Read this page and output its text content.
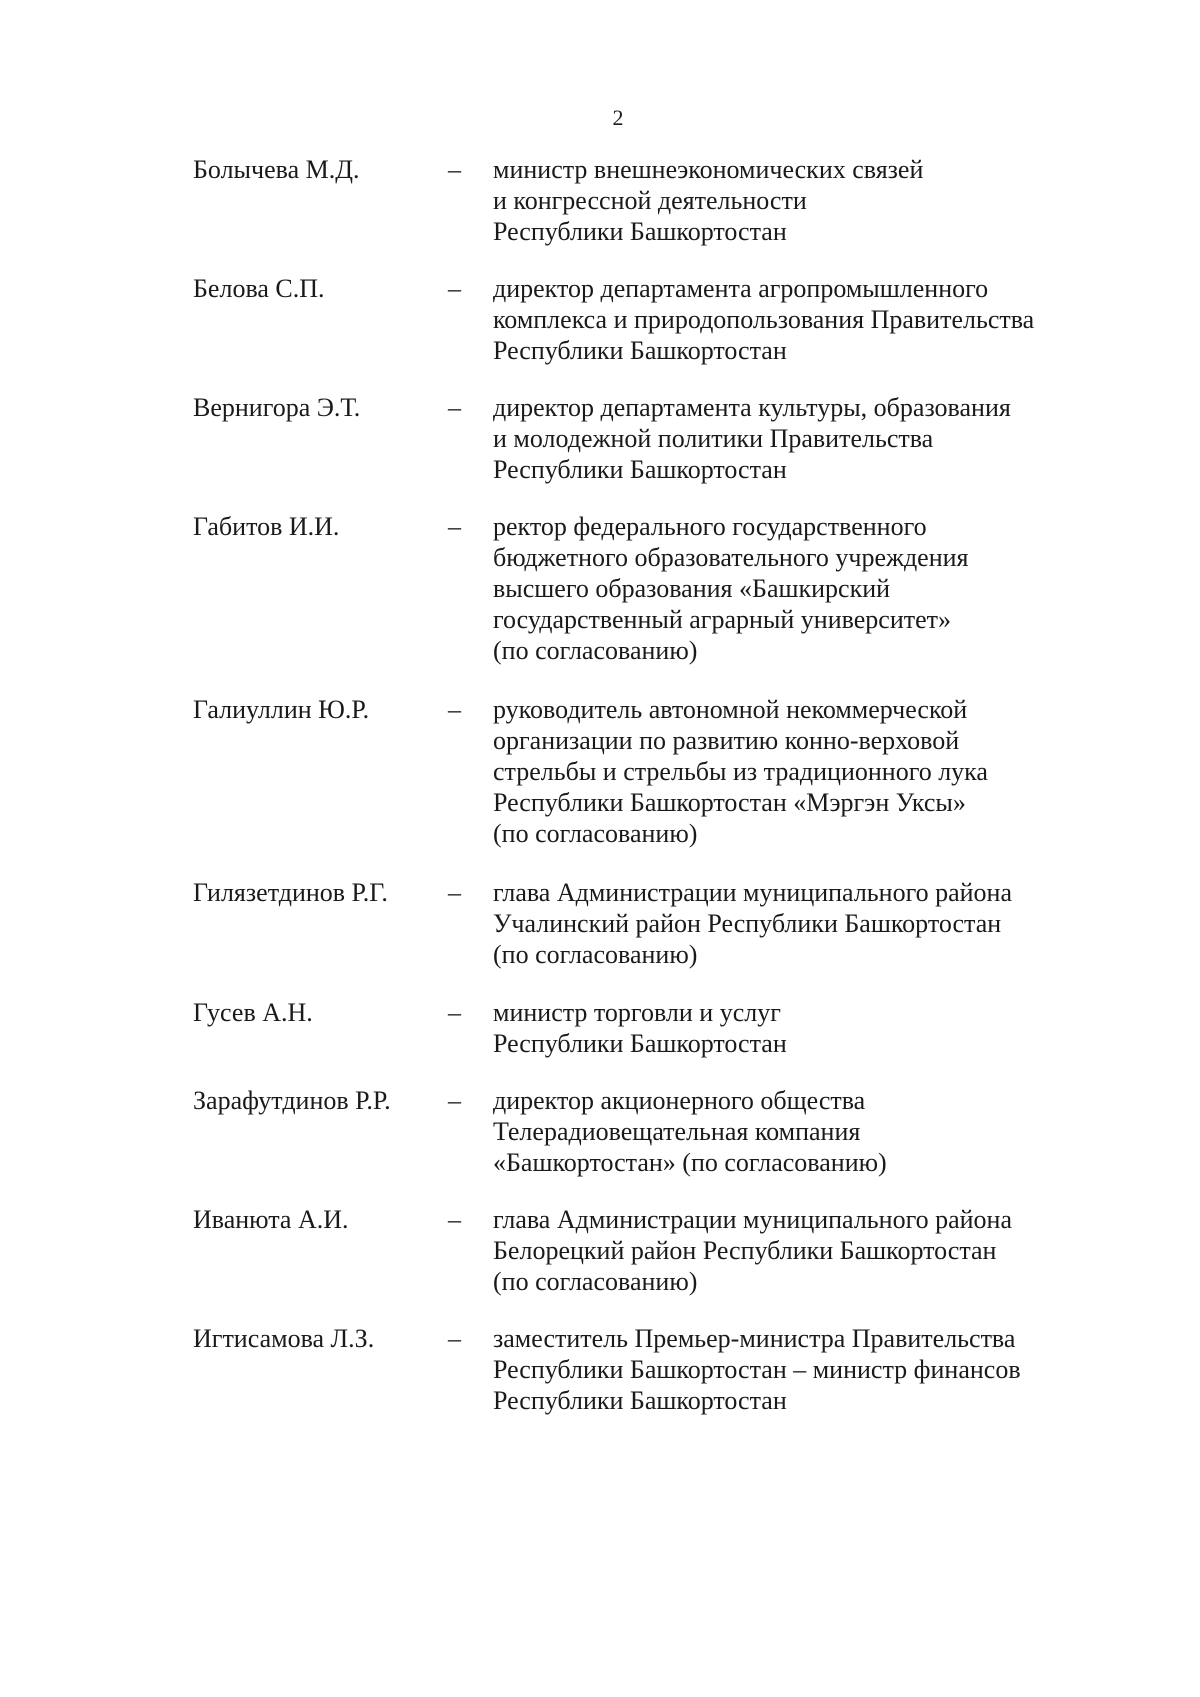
2
Болычева М.Д.	–	министр внешнеэкономических связей
и конгрессной деятельности
Республики Башкортостан
Белова С.П.	–	директор департамента агропромышленного
комплекса и природопользования Правительства
Республики Башкортостан
Вернигора Э.Т.	–	директор департамента культуры, образования
и молодежной политики Правительства
Республики Башкортостан
Габитов И.И.	–	ректор федерального государственного
бюджетного образовательного учреждения
высшего образования «Башкирский
государственный аграрный университет»
(по согласованию)
Галиуллин Ю.Р.	–	руководитель автономной некоммерческой
организации по развитию конно-верховой
стрельбы и стрельбы из традиционного лука
Республики Башкортостан «Мэргэн Уксы»
(по согласованию)
Гилязетдинов Р.Г.	–	глава Администрации муниципального района
Учалинский район Республики Башкортостан
(по согласованию)
Гусев А.Н.	–	министр торговли и услуг
Республики Башкортостан
Зарафутдинов Р.Р.	–	директор акционерного общества
Телерадиовещательная компания
«Башкортостан» (по согласованию)
Иванюта А.И.	–	глава Администрации муниципального района
Белорецкий район Республики Башкортостан
(по согласованию)
Игтисамова Л.З.	–	заместитель Премьер-министра Правительства
Республики Башкортостан – министр финансов
Республики Башкортостан
